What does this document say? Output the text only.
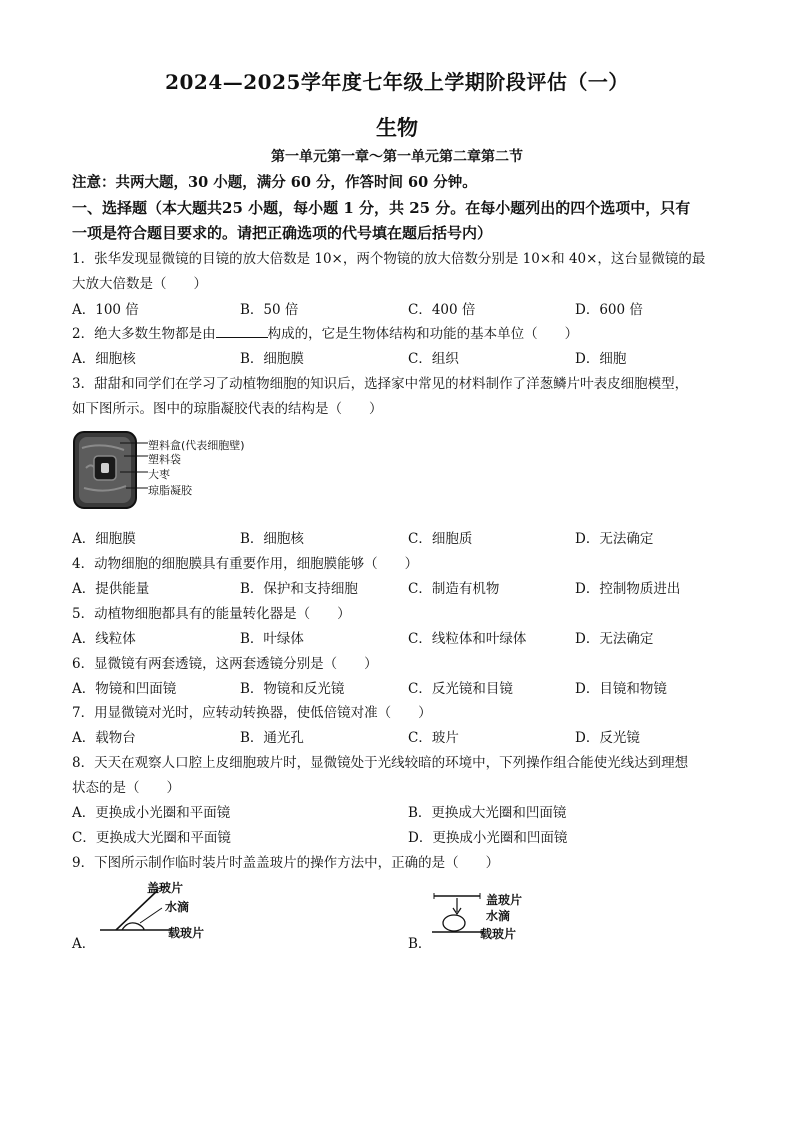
2024—2025学年度七年级上学期阶段评估（一）
生物
第一单元第一章～第一单元第二章第二节
注意：共两大题，30 小题，满分 60 分，作答时间 60 分钟。
一、选择题（本大题共25 小题，每小题 1 分，共 25 分。在每小题列出的四个选项中，只有
一项是符合题目要求的。请把正确选项的代号填在题后括号内）
1．张华发现显微镜的目镜的放大倍数是 10×，两个物镜的放大倍数分别是 10×和 40×，这台显微镜的最
大放大倍数是（　　）
A．100 倍	B．50 倍	C．400 倍	D．600 倍
2．绝大多数生物都是由	构成的，它是生物体结构和功能的基本单位（　　）
A．细胞核	B．细胞膜	C．组织	D．细胞
3．甜甜和同学们在学习了动植物细胞的知识后，选择家中常见的材料制作了洋葱鳞片叶表皮细胞模型，
如下图所示。图中的琼脂凝胶代表的结构是（　　）
塑料盒(代表细胞壁)
塑料袋
大枣
琼脂凝胶
A．细胞膜	B．细胞核	C．细胞质	D．无法确定
4．动物细胞的细胞膜具有重要作用，细胞膜能够（　　）
A．提供能量	B．保护和支持细胞	C．制造有机物	D．控制物质进出
5．动植物细胞都具有的能量转化器是（　　）
A．线粒体	B．叶绿体	C．线粒体和叶绿体	D．无法确定
6．显微镜有两套透镜，这两套透镜分别是（　　）
A．物镜和凹面镜	B．物镜和反光镜	C．反光镜和目镜	D．目镜和物镜
7．用显微镜对光时，应转动转换器，使低倍镜对准（　　）
A．载物台	B．通光孔	C．玻片	D．反光镜
8．天天在观察人口腔上皮细胞玻片时，显微镜处于光线较暗的环境中，下列操作组合能使光线达到理想
状态的是（　　）
A．更换成小光圈和平面镜	B．更换成大光圈和凹面镜
C．更换成大光圈和平面镜	D．更换成小光圈和凹面镜
9．下图所示制作临时装片时盖盖玻片的操作方法中，正确的是（　　）
盖玻片
水滴
载玻片
A．
盖玻片
水滴
载玻片
B．
